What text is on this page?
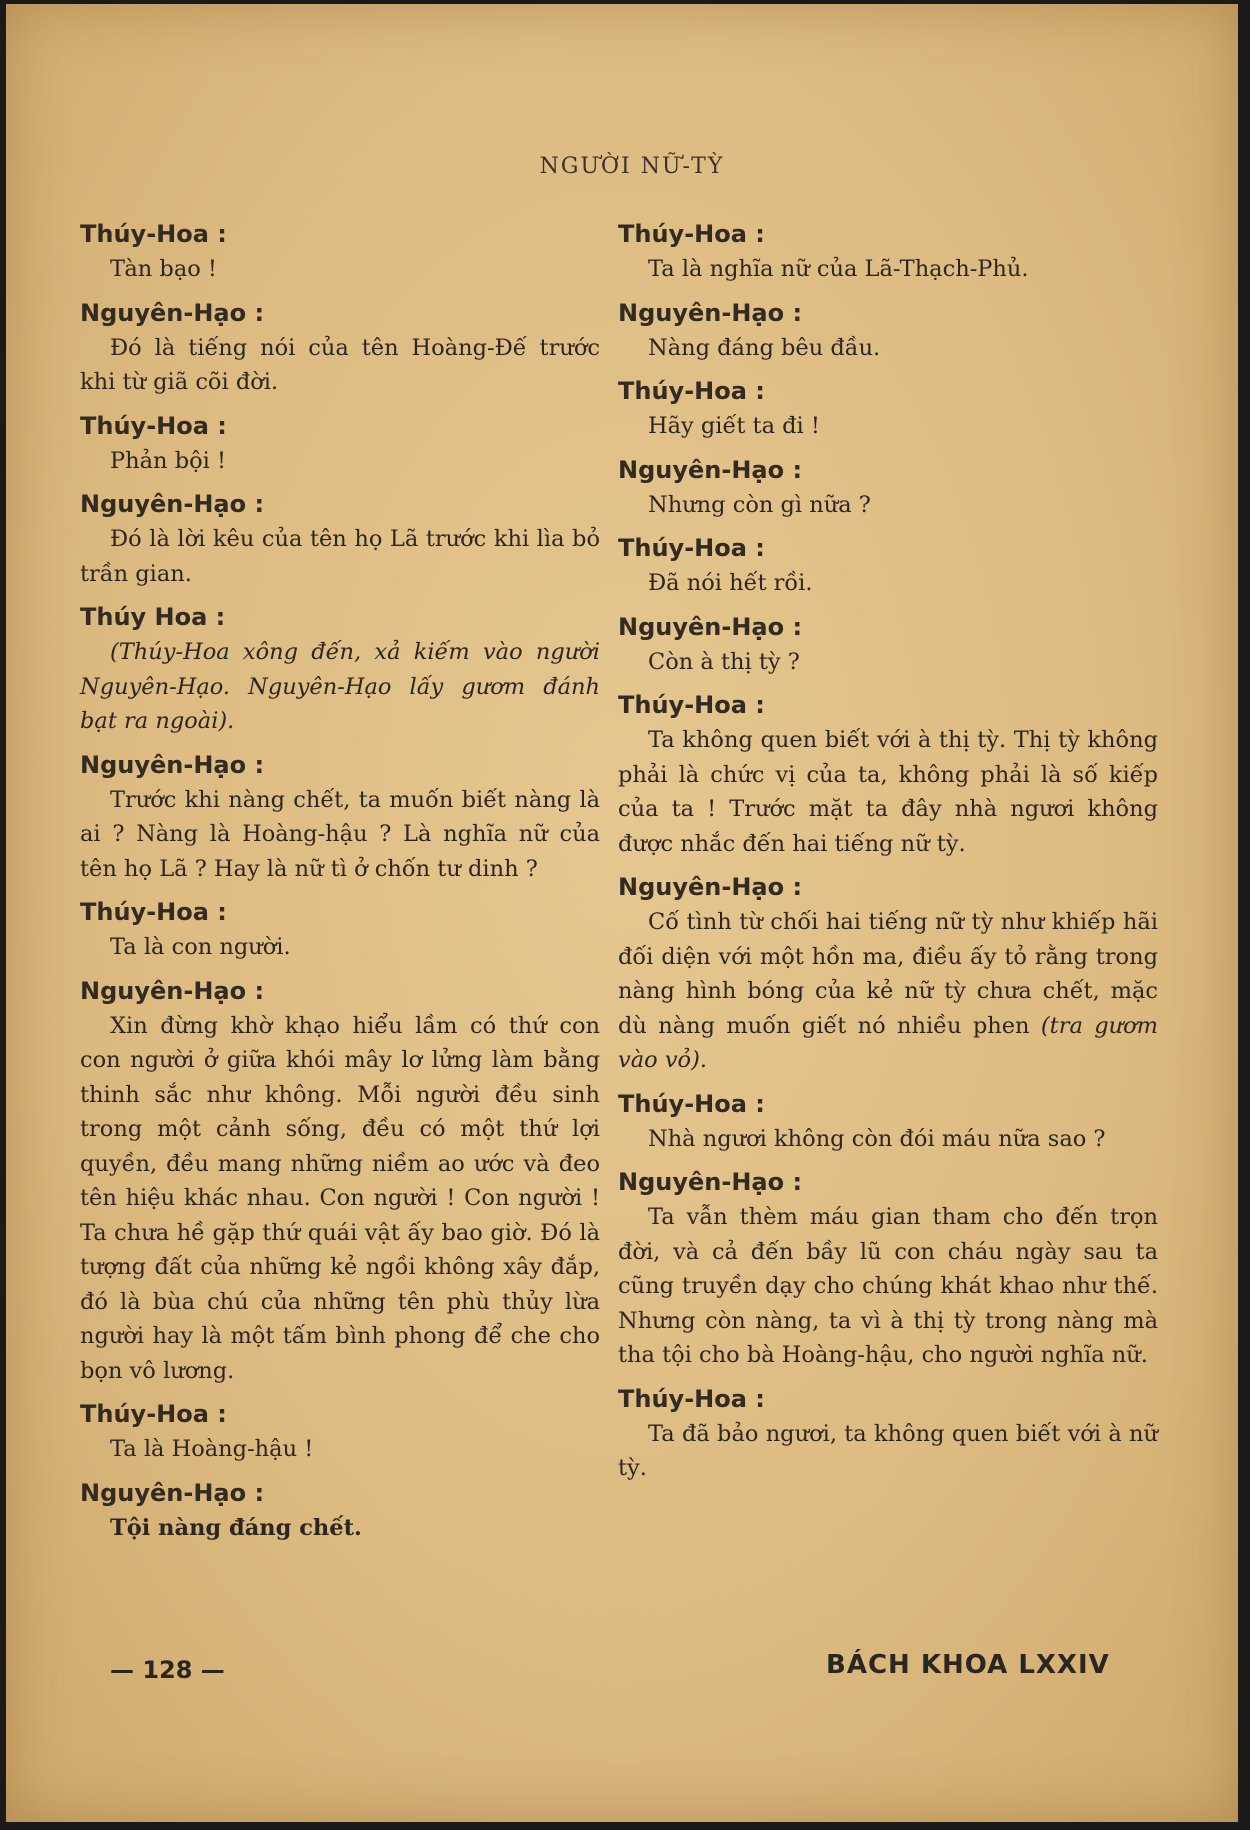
NGƯỜI NỮ-TỲ
Thúy-Hoa :

Tàn bạo !

Nguyên-Hạo :

Đó là tiếng nói của tên Hoàng-Đế trước khi từ giã cõi đời.

Thúy-Hoa :

Phản bội !

Nguyên-Hạo :

Đó là lời kêu của tên họ Lã trước khi lìa bỏ trần gian.

Thúy Hoa :

(Thúy-Hoa xông đến, xả kiếm vào người Nguyên-Hạo. Nguyên-Hạo lấy gươm đánh bạt ra ngoài).

Nguyên-Hạo :

Trước khi nàng chết, ta muốn biết nàng là ai ? Nàng là Hoàng-hậu ? Là nghĩa nữ của tên họ Lã ? Hay là nữ tì ở chốn tư dinh ?

Thúy-Hoa :

Ta là con người.

Nguyên-Hạo :

Xin đừng khờ khạo hiểu lầm có thứ con con người ở giữa khói mây lơ lửng làm bằng thinh sắc như không. Mỗi người đều sinh trong một cảnh sống, đều có một thứ lợi quyền, đều mang những niềm ao ước và đeo tên hiệu khác nhau. Con người ! Con người ! Ta chưa hề gặp thứ quái vật ấy bao giờ. Đó là tượng đất của những kẻ ngồi không xây đắp, đó là bùa chú của những tên phù thủy lừa người hay là một tấm bình phong để che cho bọn vô lương.

Thúy-Hoa :

Ta là Hoàng-hậu !

Nguyên-Hạo :

Tội nàng đáng chết.

Thúy-Hoa :

Ta là nghĩa nữ của Lã-Thạch-Phủ.

Nguyên-Hạo :

Nàng đáng bêu đầu.

Thúy-Hoa :

Hãy giết ta đi !

Nguyên-Hạo :

Nhưng còn gì nữa ?

Thúy-Hoa :

Đã nói hết rồi.

Nguyên-Hạo :

Còn à thị tỳ ?

Thúy-Hoa :

Ta không quen biết với à thị tỳ. Thị tỳ không phải là chức vị của ta, không phải là số kiếp của ta ! Trước mặt ta đây nhà ngươi không được nhắc đến hai tiếng nữ tỳ.

Nguyên-Hạo :

Cố tình từ chối hai tiếng nữ tỳ như khiếp hãi đối diện với một hồn ma, điều ấy tỏ rằng trong nàng hình bóng của kẻ nữ tỳ chưa chết, mặc dù nàng muốn giết nó nhiều phen (tra gươm vào vỏ).

Thúy-Hoa :

Nhà ngươi không còn đói máu nữa sao ?

Nguyên-Hạo :

Ta vẫn thèm máu gian tham cho đến trọn đời, và cả đến bầy lũ con cháu ngày sau ta cũng truyền dạy cho chúng khát khao như thế. Nhưng còn nàng, ta vì à thị tỳ trong nàng mà tha tội cho bà Hoàng-hậu, cho người nghĩa nữ.

Thúy-Hoa :

Ta đã bảo ngươi, ta không quen biết với à nữ tỳ.

— 128 —	BÁCH KHOA LXXIV
